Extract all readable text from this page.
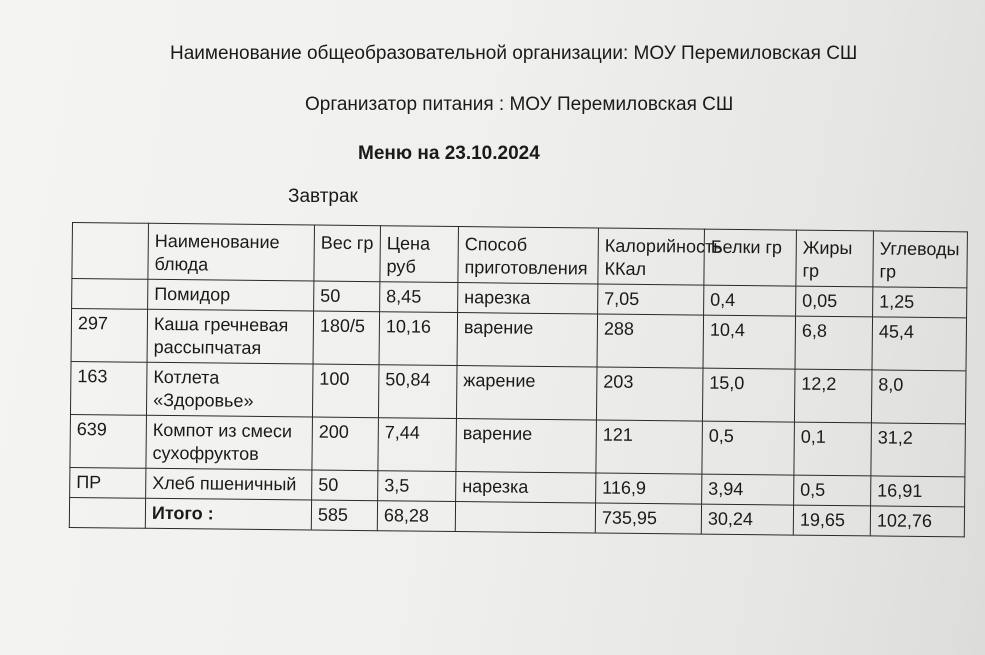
Наименование общеобразовательной организации: МОУ Перемиловская СШ
Организатор питания : МОУ Перемиловская СШ
Меню на 23.10.2024
Завтрак
	Наименование блюда	Вес гр	Цена руб	Способ приготовления	Калорийность ККал	Белки гр	Жиры гр	Углеводы гр
	Помидор	50	8,45	нарезка	7,05	0,4	0,05	1,25
297	Каша гречневая рассыпчатая	180/5	10,16	варение	288	10,4	6,8	45,4
163	Котлета «Здоровье»	100	50,84	жарение	203	15,0	12,2	8,0
639	Компот из смеси сухофруктов	200	7,44	варение	121	0,5	0,1	31,2
ПР	Хлеб пшеничный	50	3,5	нарезка	116,9	3,94	0,5	16,91
	Итого :	585	68,28		735,95	30,24	19,65	102,76
